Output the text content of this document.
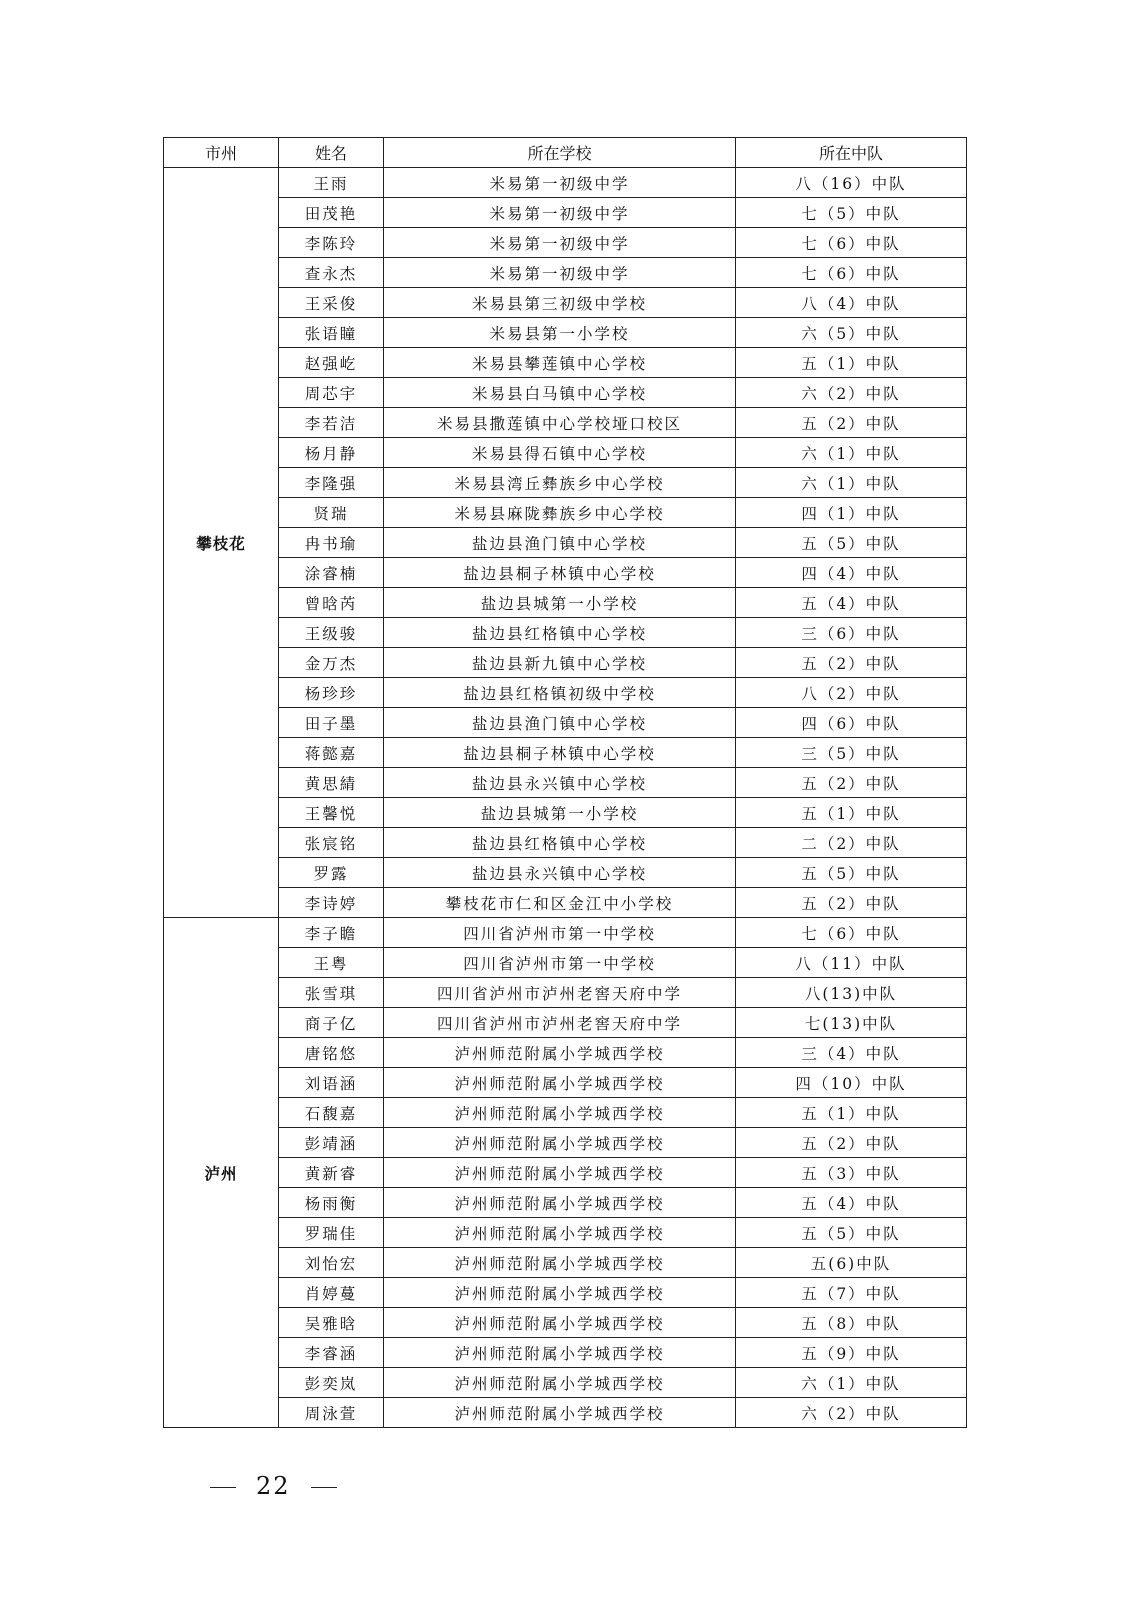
市州	姓名	所在学校	所在中队
攀枝花	王雨	米易第一初级中学	八（16）中队
	田茂艳	米易第一初级中学	七（5）中队
	李陈玲	米易第一初级中学	七（6）中队
	查永杰	米易第一初级中学	七（6）中队
	王采俊	米易县第三初级中学校	八（4）中队
	张语瞳	米易县第一小学校	六（5）中队
	赵强屹	米易县攀莲镇中心学校	五（1）中队
	周芯宇	米易县白马镇中心学校	六（2）中队
	李若洁	米易县撒莲镇中心学校垭口校区	五（2）中队
	杨月静	米易县得石镇中心学校	六（1）中队
	李隆强	米易县湾丘彝族乡中心学校	六（1）中队
	贤瑞	米易县麻陇彝族乡中心学校	四（1）中队
	冉书瑜	盐边县渔门镇中心学校	五（5）中队
	涂睿楠	盐边县桐子林镇中心学校	四（4）中队
	曾晗芮	盐边县城第一小学校	五（4）中队
	王级骏	盐边县红格镇中心学校	三（6）中队
	金万杰	盐边县新九镇中心学校	五（2）中队
	杨珍珍	盐边县红格镇初级中学校	八（2）中队
	田子墨	盐边县渔门镇中心学校	四（6）中队
	蒋懿嘉	盐边县桐子林镇中心学校	三（5）中队
	黄思綪	盐边县永兴镇中心学校	五（2）中队
	王馨悦	盐边县城第一小学校	五（1）中队
	张宸铭	盐边县红格镇中心学校	二（2）中队
	罗露	盐边县永兴镇中心学校	五（5）中队
	李诗婷	攀枝花市仁和区金江中小学校	五（2）中队
泸州	李子瞻	四川省泸州市第一中学校	七（6）中队
	王粤	四川省泸州市第一中学校	八（11）中队
	张雪琪	四川省泸州市泸州老窖天府中学	八(13)中队
	商子亿	四川省泸州市泸州老窖天府中学	七(13)中队
	唐铭悠	泸州师范附属小学城西学校	三（4）中队
	刘语涵	泸州师范附属小学城西学校	四（10）中队
	石馥嘉	泸州师范附属小学城西学校	五（1）中队
	彭靖涵	泸州师范附属小学城西学校	五（2）中队
	黄新睿	泸州师范附属小学城西学校	五（3）中队
	杨雨衡	泸州师范附属小学城西学校	五（4）中队
	罗瑞佳	泸州师范附属小学城西学校	五（5）中队
	刘怡宏	泸州师范附属小学城西学校	五(6)中队
	肖婷蔓	泸州师范附属小学城西学校	五（7）中队
	吴雅晗	泸州师范附属小学城西学校	五（8）中队
	李睿涵	泸州师范附属小学城西学校	五（9）中队
	彭奕岚	泸州师范附属小学城西学校	六（1）中队
	周泳萱	泸州师范附属小学城西学校	六（2）中队
22
